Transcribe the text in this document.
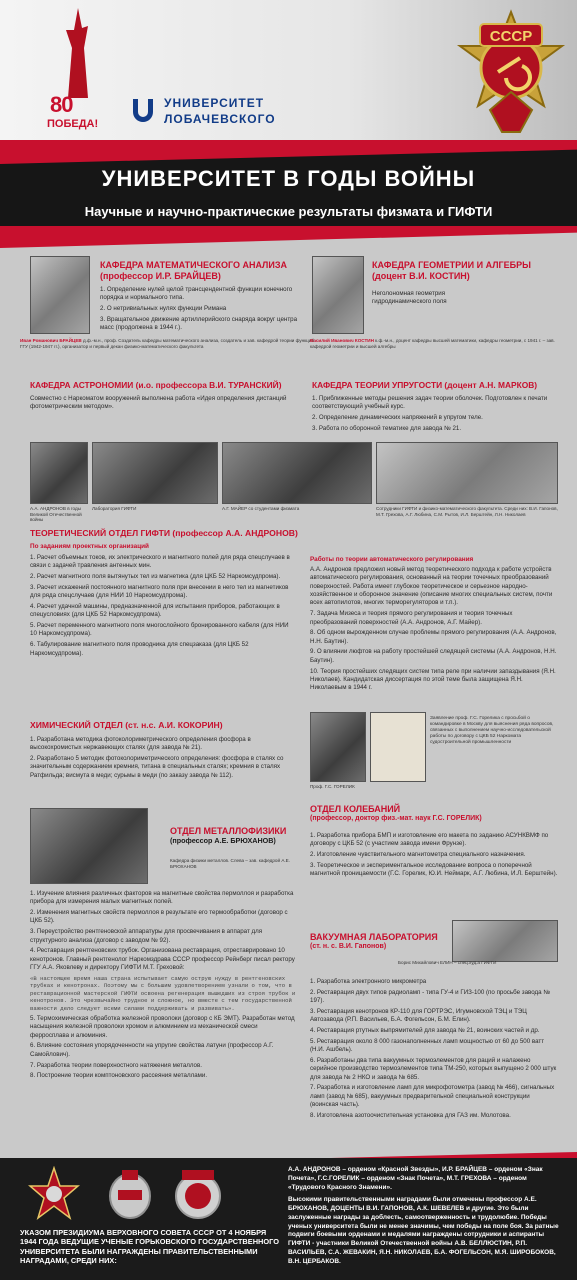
80
ПОБЕДА!
УНИВЕРСИТЕТ
ЛОБАЧЕВСКОГО
СССР
УНИВЕРСИТЕТ В ГОДЫ ВОЙНЫ
Научные и научно-практические результаты физмата и ГИФТИ
Иван Романович БРАЙЦЕВ д.ф.-м.н., проф. Создатель кафедры математического анализа, создатель и зав. кафедрой теории функций ГГУ (1942-1947 гг.), организатор и первый декан физико-математического факультета
КАФЕДРА МАТЕМАТИЧЕСКОГО АНАЛИЗА
(профессор И.Р. БРАЙЦЕВ)

1. Определение нулей целой трансцендентной функции конечного порядка и нормального типа.

2. О нетривиальных нулях функции Римана

3. Вращательное движение артиллерийского снаряда вокруг центра масс (продолжена в 1944 г.).

Василий Иванович КОСТИН к.ф.-м.н., доцент кафедры высшей математики, кафедры геометрии, с 1941 г. – зав. кафедрой геометрии и высшей алгебры
КАФЕДРА ГЕОМЕТРИИ И АЛГЕБРЫ
(доцент В.И. КОСТИН)

Неголономная геометрия гидродинамического поля

КАФЕДРА АСТРОНОМИИ (и.о. профессора В.И. ТУРАНСКИЙ)
Совместно с Наркоматом вооружений выполнена работа «Идея определения дистанций фотометрическим методом».
КАФЕДРА ТЕОРИИ УПРУГОСТИ (доцент А.Н. МАРКОВ)

1. Приближенные методы решения задач теории оболочек. Подготовлен к печати соответствующий учебный курс.

2. Определение динамических напряжений в упругом теле.

3. Работа по оборонной тематике для завода № 21.

А.А. АНДРОНОВ в годы Великой Отечественной войны
Лаборатория ГИФТИ	А.Г. МАЙЕР со студентами физмата	Сотрудники ГИФТИ и физико-математического факультета. Среди них: В.И. Гапонов, М.Т. Грехова, А.Г. Любина, С.М. Рытов, И.Л. Берштейн, Л.Н. Николаев
ТЕОРЕТИЧЕСКИЙ ОТДЕЛ ГИФТИ (профессор А.А. АНДРОНОВ)
По заданиям проектных организаций

1. Расчет объемных токов, их электрического и магнитного полей для ряда спецслучаев в связи с задачей травления антенных мин.

2. Расчет магнитного поля вытянутых тел из магнетика (для ЦКБ 52 Наркомсудпрома).

3. Расчет искажений постоянного магнитного поля при внесении в него тел из магнетиков для ряда спецслучаев (для НИИ 10 Наркомсудпрома).

4. Расчет удачной машины, предназначенной для испытания приборов, работающих в спецусловиях (для ЦКБ 52 Наркомсудпрома).

5. Расчет переменного магнитного поля многослойного бронированного кабеля (для НИИ 10 Наркомсудпрома).

6. Табулирование магнитного поля проводника для спецзаказа (для ЦКБ 52 Наркомсудпрома).

Работы по теории автоматического регулирования

А.А. Андронов предложил новый метод теоретического подхода к работе устройств автоматического регулирования, основанный на теории точечных преобразований поверхностей. Работа имеет глубокое теоретическое и серьезное народно-хозяйственное и оборонное значение (описание многих специальных систем, почти всех автопилотов, многих терморегуляторов и т.п.).

7. Задача Мизеса и теория прямого регулирования и теория точечных преобразований поверхностей (А.А. Андронов, А.Г. Майер).

8. Об одном вырожденном случае проблемы прямого регулирования (А.А. Андронов, Н.Н. Баутин).

9. О влиянии люфтов на работу простейшей следящей системы (А.А. Андронов, Н.Н. Баутин).

10. Теория простейших следящих систем типа реле при наличии запаздывания (Я.Н. Николаев). Кандидатская диссертация по этой теме была защищена Я.Н. Николаевым в 1944 г.

ХИМИЧЕСКИЙ ОТДЕЛ (ст. н.с. А.И. КОКОРИН)

1. Разработана методика фотоколориметрического определения фосфора в высокохромистых нержавеющих сталях (для завода № 21).

2. Разработано 5 методик фотоколориметрического определения: фосфора в сталях со значительным содержанием кремния, титана в специальных сталях; кремния в сталях Ратфильда; висмута в меди; сурьмы в меди (по заказу завода № 112).

Проф. Г.С. ГОРЕЛИК
Заявление проф. Г.С. Горелика с просьбой о командировке в Москву для выяснения ряда вопросов, связанных с выполнением научно-исследовательской работы по договору с ЦКБ 52 Наркомата судостроительной промышленности
ОТДЕЛ МЕТАЛЛОФИЗИКИ
(профессор А.Е. БРЮХАНОВ)
Кафедра физики металлов. Слева – зав. кафедрой А.Е. БРЮХАНОВ

1. Изучение влияния различных факторов на магнитные свойства пермоллоя и разработка прибора для измерения малых магнитных полей.

2. Изменения магнитных свойств пермоллоя в результате его термообработки (договор с ЦКБ 52).

3. Переустройство рентгеновской аппаратуры для просвечивания в аппарат для структурного анализа (договор с заводом № 92).

4. Реставрация рентгеновских трубок. Организована реставрация, отреставрировано 10 кенотронов. Главный рентгенолог Наркомздрава СССР профессор Рейнберг писал ректору ГГУ А.А. Яковлеву и директору ГИФТИ М.Т. Греховой:

«В настоящее время наша страна испытывает самую острую нужду в рентгеновских трубках и кенотронах. Поэтому мы с большим удовлетворением узнали о том, что в реставрационной мастерской ГИФТИ освоена регенерация вышедших из строя трубок и кенотронов. Это чрезвычайно трудное и сложное, но вместе с тем государственной важности дело следует всеми силами поддерживать и развивать».

5. Термохимическая обработка железной проволоки (договор с КБ ЭМТ). Разработан метод насыщения железной проволоки хромом и алюминием из механической смеси ферросплава и алюминия.

6. Влияние состояния упорядоченности на упругие свойства латуни (профессор А.Г. Самойлович).

7. Разработка теории поверхностного натяжения металлов.

8. Построение теории комптоновского рассеяния металлами.

ОТДЕЛ КОЛЕБАНИЙ
(профессор, доктор физ.-мат. наук Г.С. ГОРЕЛИК)

1. Разработка прибора БМП и изготовление его макета по заданию АСУНКВМФ по договору с ЦКБ 52 (с участием завода имени Фрунзе).

2. Изготовление чувствительного магнитометра специального назначения.

3. Теоретическое и экспериментальное исследование вопроса о поперечной магнитной проницаемости (Г.С. Горелик, Ю.И. Неймарк, А.Г. Любина, И.Л. Берштейн).

ВАКУУМНАЯ ЛАБОРАТОРИЯ
(ст. н. с. В.И. Гапонов)
Борис Михайлович ЕЛИН – спец.худ.а ГИФТИ

1. Разработка электронного микрометра

2. Реставрация двух типов радиоламп - типа ГУ-4 и ГИЗ-100 (по просьбе завода № 197).

3. Реставрация кенотронов КР-110 для ГОРТРЭС, Игумновской ТЭЦ и ТЭЦ Автозавода (Р.П. Васильев, Б.А. Фогельсон, Б.М. Елин).

4. Реставрация ртутных выпрямителей для завода № 21, воинских частей и др.

5. Реставрация около 8 000 газонаполненных ламп мощностью от 60 до 500 ватт (Н.И. Ашбель).

6. Разработаны два типа вакуумных термоэлементов для раций и налажено серийное производство термоэлементов типа ТМ-250, которых выпущено 2 000 штук для завода № 2 НКО и завода № 685.

7. Разработка и изготовление ламп для микрофотометра (завод № 466), сигнальных ламп (завод № 685), вакуумных предварительной специальной конструкции (воинская часть).

8. Изготовлена азотоочистительная установка для ГАЗ им. Молотова.

УКАЗОМ ПРЕЗИДИУМА ВЕРХОВНОГО СОВЕТА СССР ОТ 4 НОЯБРЯ 1944 ГОДА ВЕДУЩИЕ УЧЕНЫЕ ГОРЬКОВСКОГО ГОСУДАРСТВЕННОГО УНИВЕРСИТЕТА БЫЛИ НАГРАЖДЕНЫ ПРАВИТЕЛЬСТВЕННЫМИ НАГРАДАМИ, СРЕДИ НИХ:

А.А. АНДРОНОВ – орденом «Красной Звезды», И.Р. БРАЙЦЕВ – орденом «Знак Почета», Г.С.ГОРЕЛИК – орденом «Знак Почета», М.Т. ГРЕХОВА – орденом «Трудового Красного Знамени».

Высокими правительственными наградами были отмечены профессор А.Е. БРЮХАНОВ, ДОЦЕНТЫ В.И. ГАПОНОВ, А.К. ШЕВЕЛЕВ и другие. Это были заслуженные награды за доблесть, самоотверженность и трудолюбие. Победы ученых университета были не менее значимы, чем победы на поле боя. За ратные подвиги боевыми орденами и медалями награждены сотрудники и аспиранты ГИФТИ - участники Великой Отечественной войны А.В. БЕЛЛЮСТИН, Р.П. ВАСИЛЬЕВ, С.А. ЖЕВАКИН, Я.Н. НИКОЛАЕВ, Б.А. ФОГЕЛЬСОН, М.Я. ШИРОБОКОВ, В.Н. ЦЕРБАКОВ.
